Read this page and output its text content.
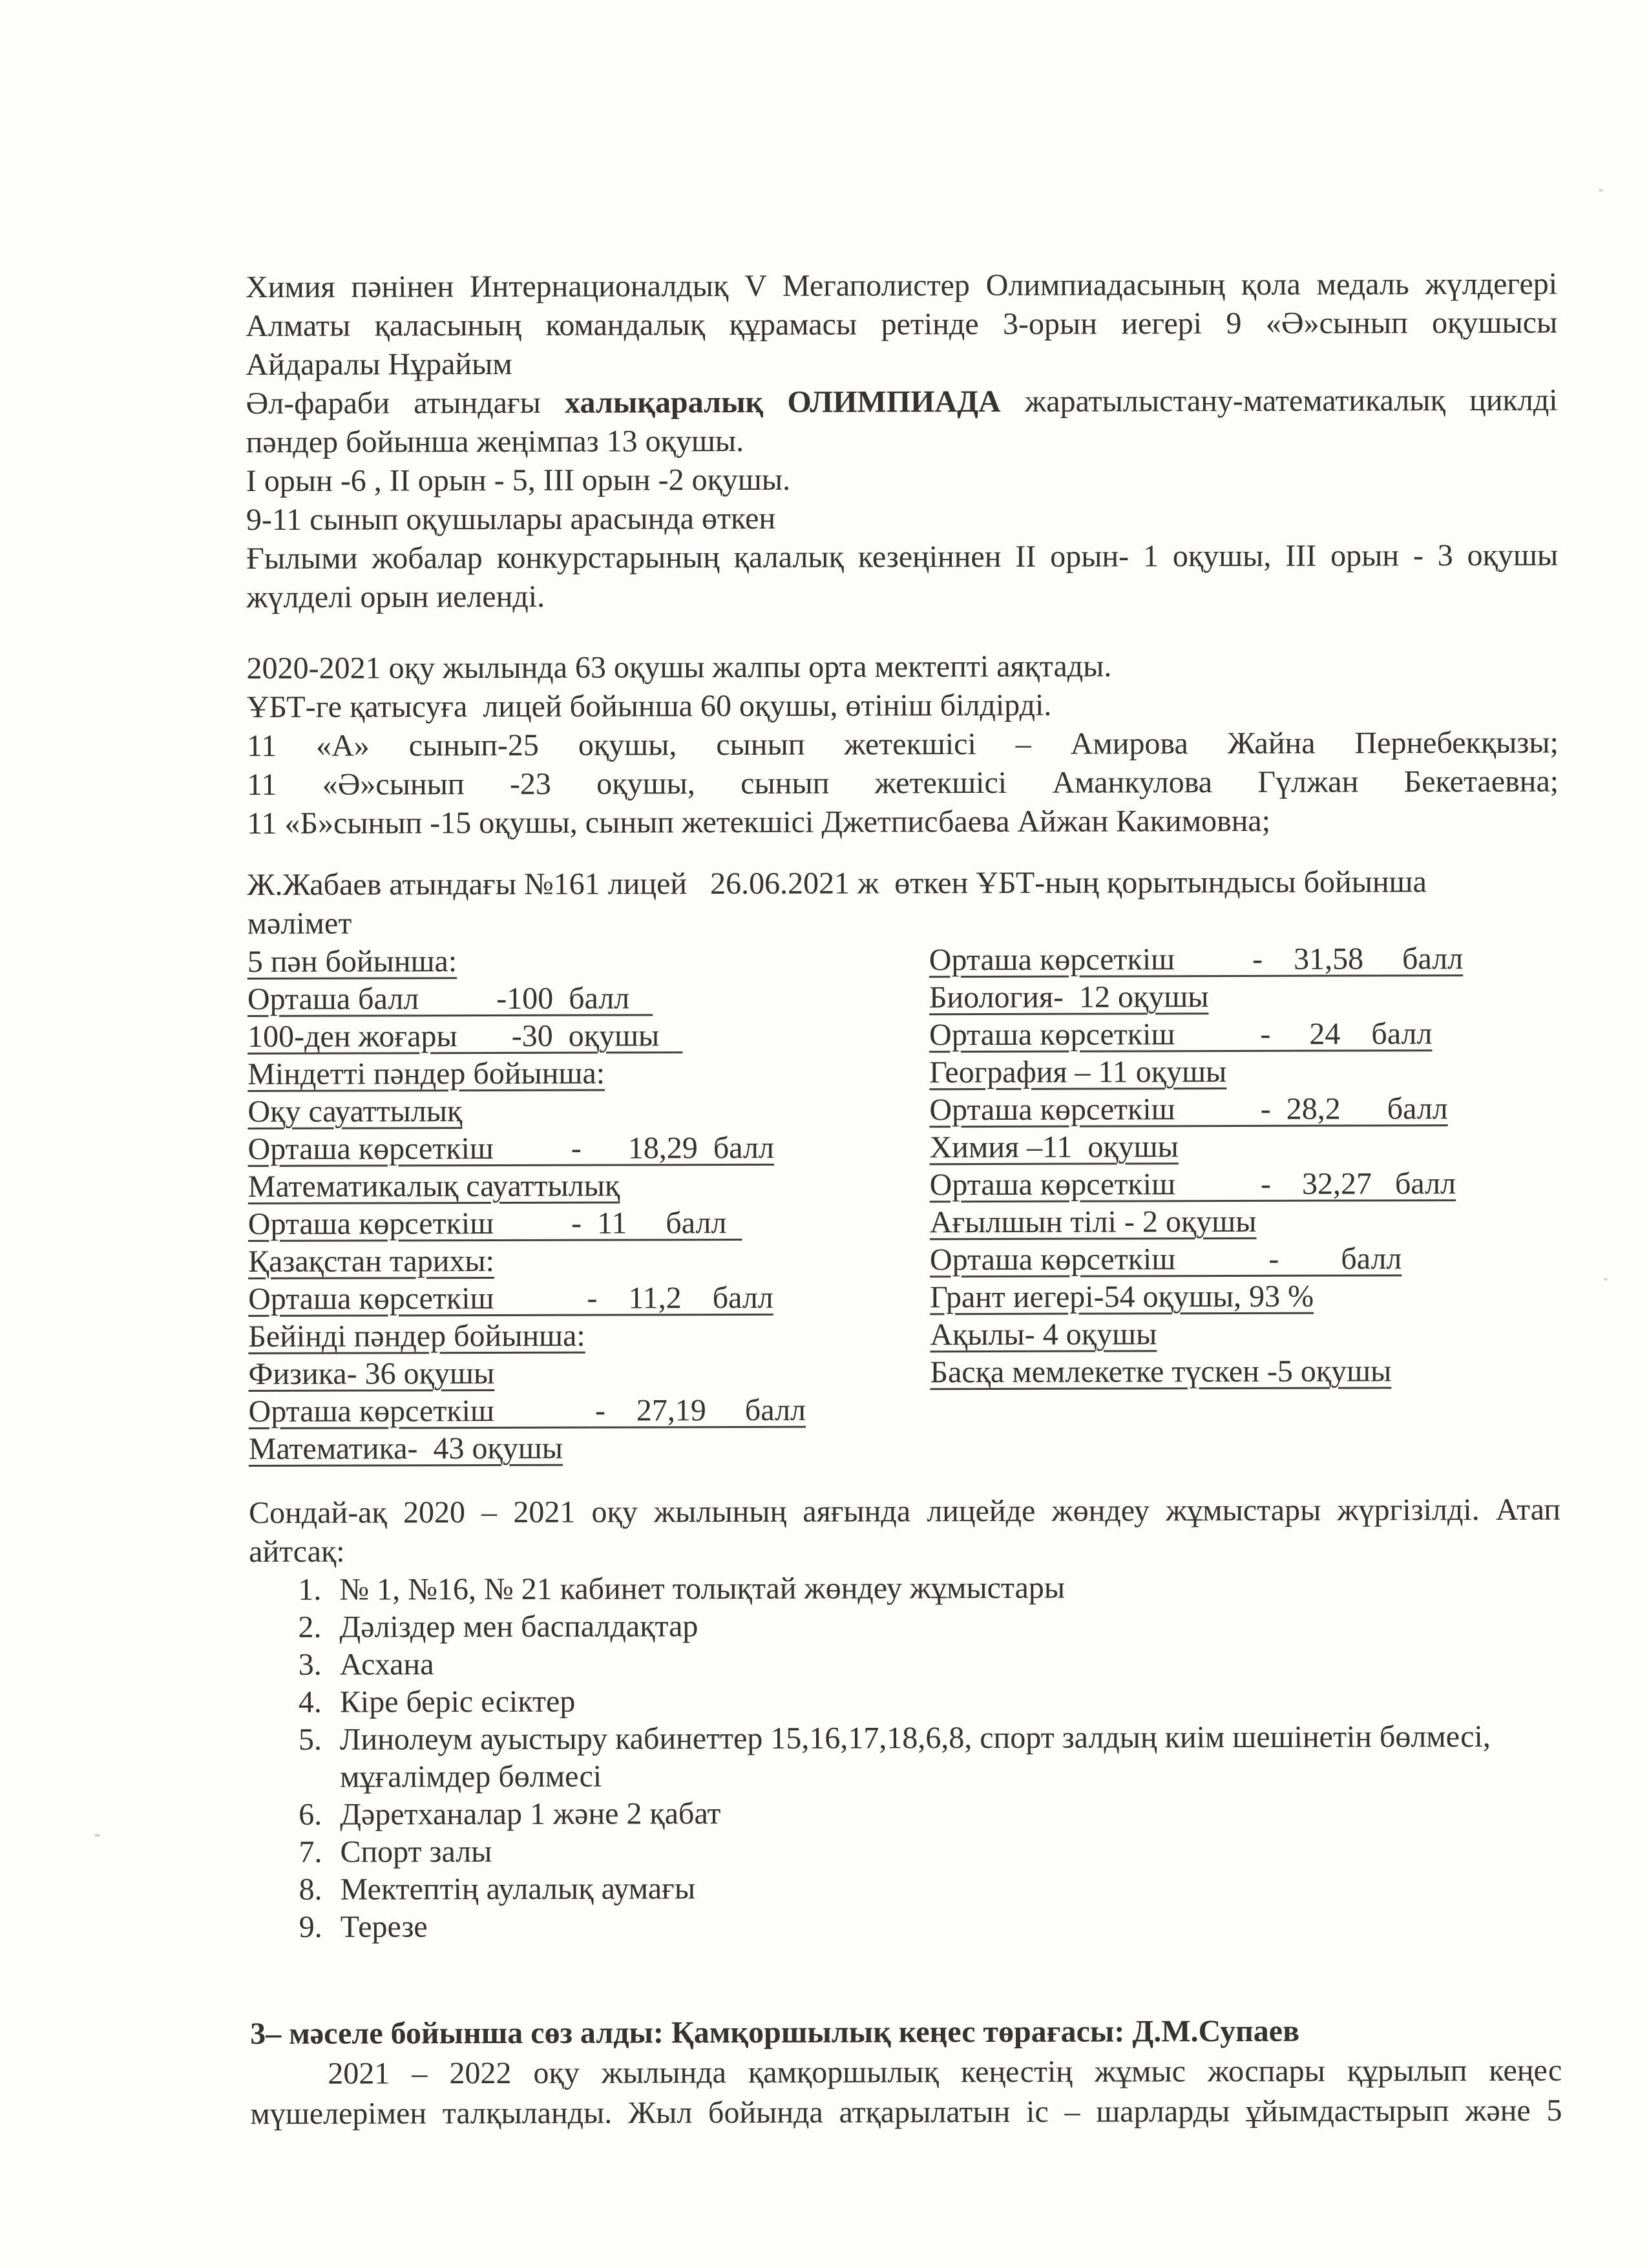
Химия пәнінен Интернационалдық V Мегаполистер Олимпиадасының қола медаль жүлдегері
Алматы қаласының командалық құрамасы ретінде 3-орын иегері 9 «Ә»сынып оқушысы
Айдаралы Нұрайым
Әл-фараби атындағы халықаралық ОЛИМПИАДА жаратылыстану-математикалық циклді
пәндер бойынша жеңімпаз 13 оқушы.
I орын -6 , II орын - 5, III орын -2 оқушы.
9-11 сынып оқушылары арасында өткен
Ғылыми жобалар конкурстарының қалалық кезеңіннен II орын- 1 оқушы, III орын - 3 оқушы
жүлделі орын иеленді.
2020-2021 оқу жылында 63 оқушы жалпы орта мектепті аяқтады.
ҰБТ-ге қатысуға  лицей бойынша 60 оқушы, өтініш білдірді.
11 «А» сынып-25 оқушы, сынып жетекшісі – Амирова Жайна Пернебекқызы;
11 «Ә»сынып -23 оқушы, сынып жетекшісі Аманкулова Гүлжан Бекетаевна;
11 «Б»сынып -15 оқушы, сынып жетекшісі Джетписбаева Айжан Какимовна;
Ж.Жабаев атындағы №161 лицей   26.06.2021 ж  өткен ҰБТ-ның қорытындысы бойынша
мәлімет
5 пән бойынша:
Орташа балл          -100  балл
100-ден жоғары       -30  оқушы
Міндетті пәндер бойынша:
Оқу сауаттылық
Орташа көрсеткіш          -      18,29  балл
Математикалық сауаттылық
Орташа көрсеткіш          -  11     балл
Қазақстан тарихы:
Орташа көрсеткіш            -    11,2    балл
Бейінді пәндер бойынша:
Физика- 36 оқушы
Орташа көрсеткіш             -    27,19     балл
Математика-  43 оқушы
Орташа көрсеткіш          -    31,58     балл
Биология-  12 оқушы
Орташа көрсеткіш           -     24    балл
География – 11 оқушы
Орташа көрсеткіш           -  28,2      балл
Химия –11  оқушы
Орташа көрсеткіш           -    32,27   балл
Ағылшын тілі - 2 оқушы
Орташа көрсеткіш            -        балл
Грант иегері-54 оқушы, 93 %
Ақылы- 4 оқушы
Басқа мемлекетке түскен -5 оқушы
Сондай-ақ 2020 – 2021 оқу жылының аяғында лицейде жөндеу жұмыстары жүргізілді. Атап
айтсақ:
1. № 1, №16, № 21 кабинет толықтай жөндеу жұмыстары
2. Дәліздер мен баспалдақтар
3. Асхана
4. Кіре беріс есіктер
5. Линолеум ауыстыру кабинеттер 15,16,17,18,6,8, спорт залдың киім шешінетін бөлмесі, мұғалімдер бөлмесі
6. Дәретханалар 1 және 2 қабат
7. Спорт залы
8. Мектептің аулалық аумағы
9. Терезе
3– мәселе бойынша сөз алды: Қамқоршылық кеңес төрағасы: Д.М.Супаев
2021 – 2022 оқу жылында қамқоршылық кеңестің жұмыс жоспары құрылып кеңес
мүшелерімен талқыланды. Жыл бойында атқарылатын іс – шарларды ұйымдастырып және 5
